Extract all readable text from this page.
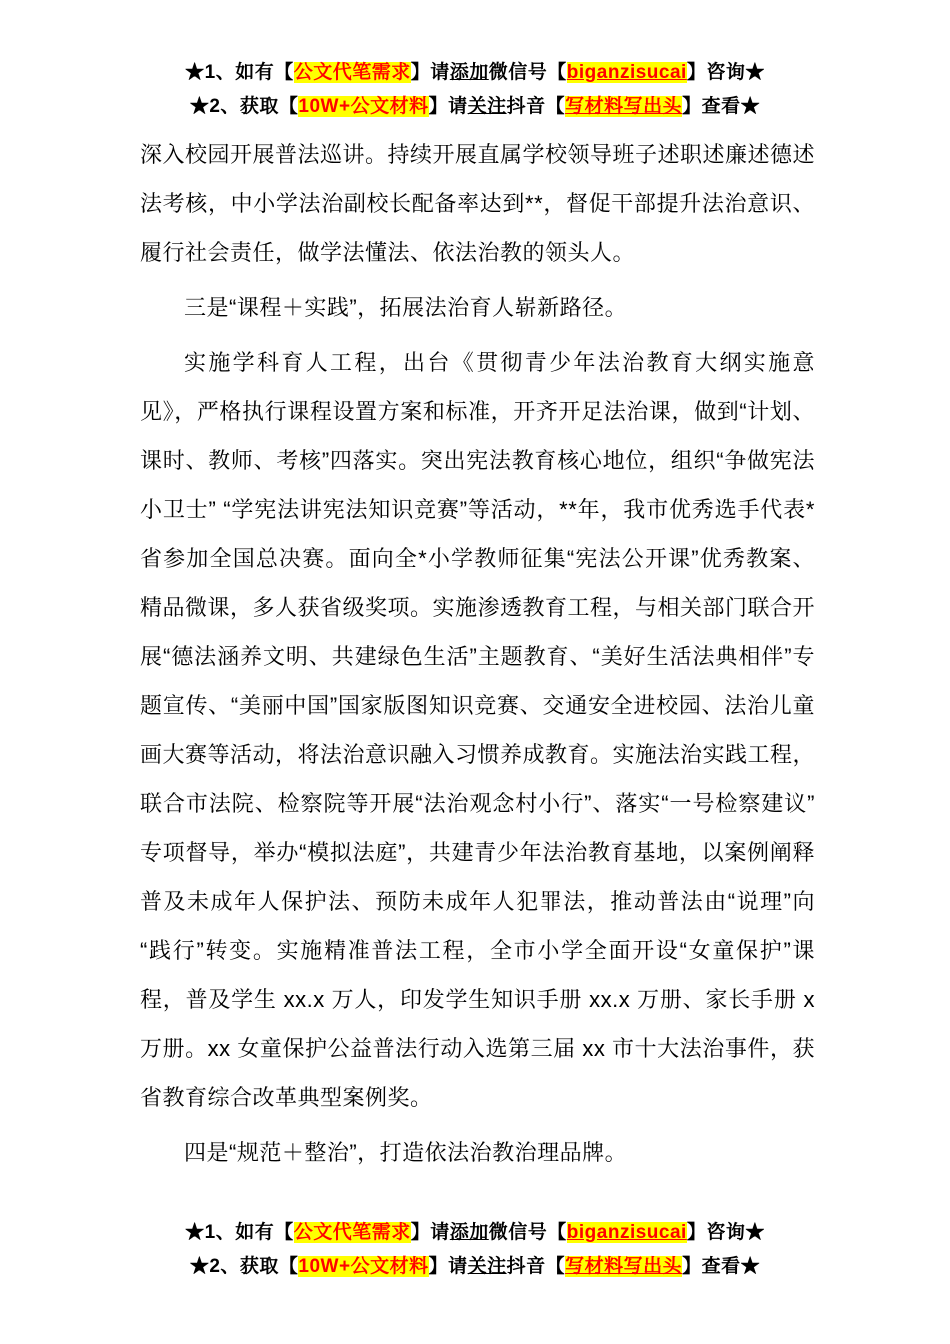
★1、如有【公文代笔需求】请添加微信号【biganzisucai】咨询★
★2、获取【10W+公文材料】请关注抖音【写材料写出头】查看★

深入校园开展普法巡讲。持续开展直属学校领导班子述职述廉述德述法考核，中小学法治副校长配备率达到**，督促干部提升法治意识、履行社会责任，做学法懂法、依法治教的领头人。

三是“课程＋实践”，拓展法治育人崭新路径。

实施学科育人工程，出台《贯彻青少年法治教育大纲实施意见》，严格执行课程设置方案和标准，开齐开足法治课，做到“计划、课时、教师、考核”四落实。突出宪法教育核心地位，组织“争做宪法小卫士” “学宪法讲宪法知识竞赛”等活动，**年，我市优秀选手代表*省参加全国总决赛。面向全*小学教师征集“宪法公开课”优秀教案、精品微课，多人获省级奖项。实施渗透教育工程，与相关部门联合开展“德法涵养文明、共建绿色生活”主题教育、“美好生活法典相伴”专题宣传、“美丽中国”国家版图知识竞赛、交通安全进校园、法治儿童画大赛等活动，将法治意识融入习惯养成教育。实施法治实践工程，联合市法院、检察院等开展“法治观念村小行”、落实“一号检察建议”专项督导，举办“模拟法庭”，共建青少年法治教育基地，以案例阐释普及未成年人保护法、预防未成年人犯罪法，推动普法由“说理”向“践行”转变。实施精准普法工程，全市小学全面开设“女童保护”课程，普及学生 xx.x 万人，印发学生知识手册 xx.x 万册、家长手册 x 万册。xx 女童保护公益普法行动入选第三届 xx 市十大法治事件，获省教育综合改革典型案例奖。

四是“规范＋整治”，打造依法治教治理品牌。

★1、如有【公文代笔需求】请添加微信号【biganzisucai】咨询★
★2、获取【10W+公文材料】请关注抖音【写材料写出头】查看★
